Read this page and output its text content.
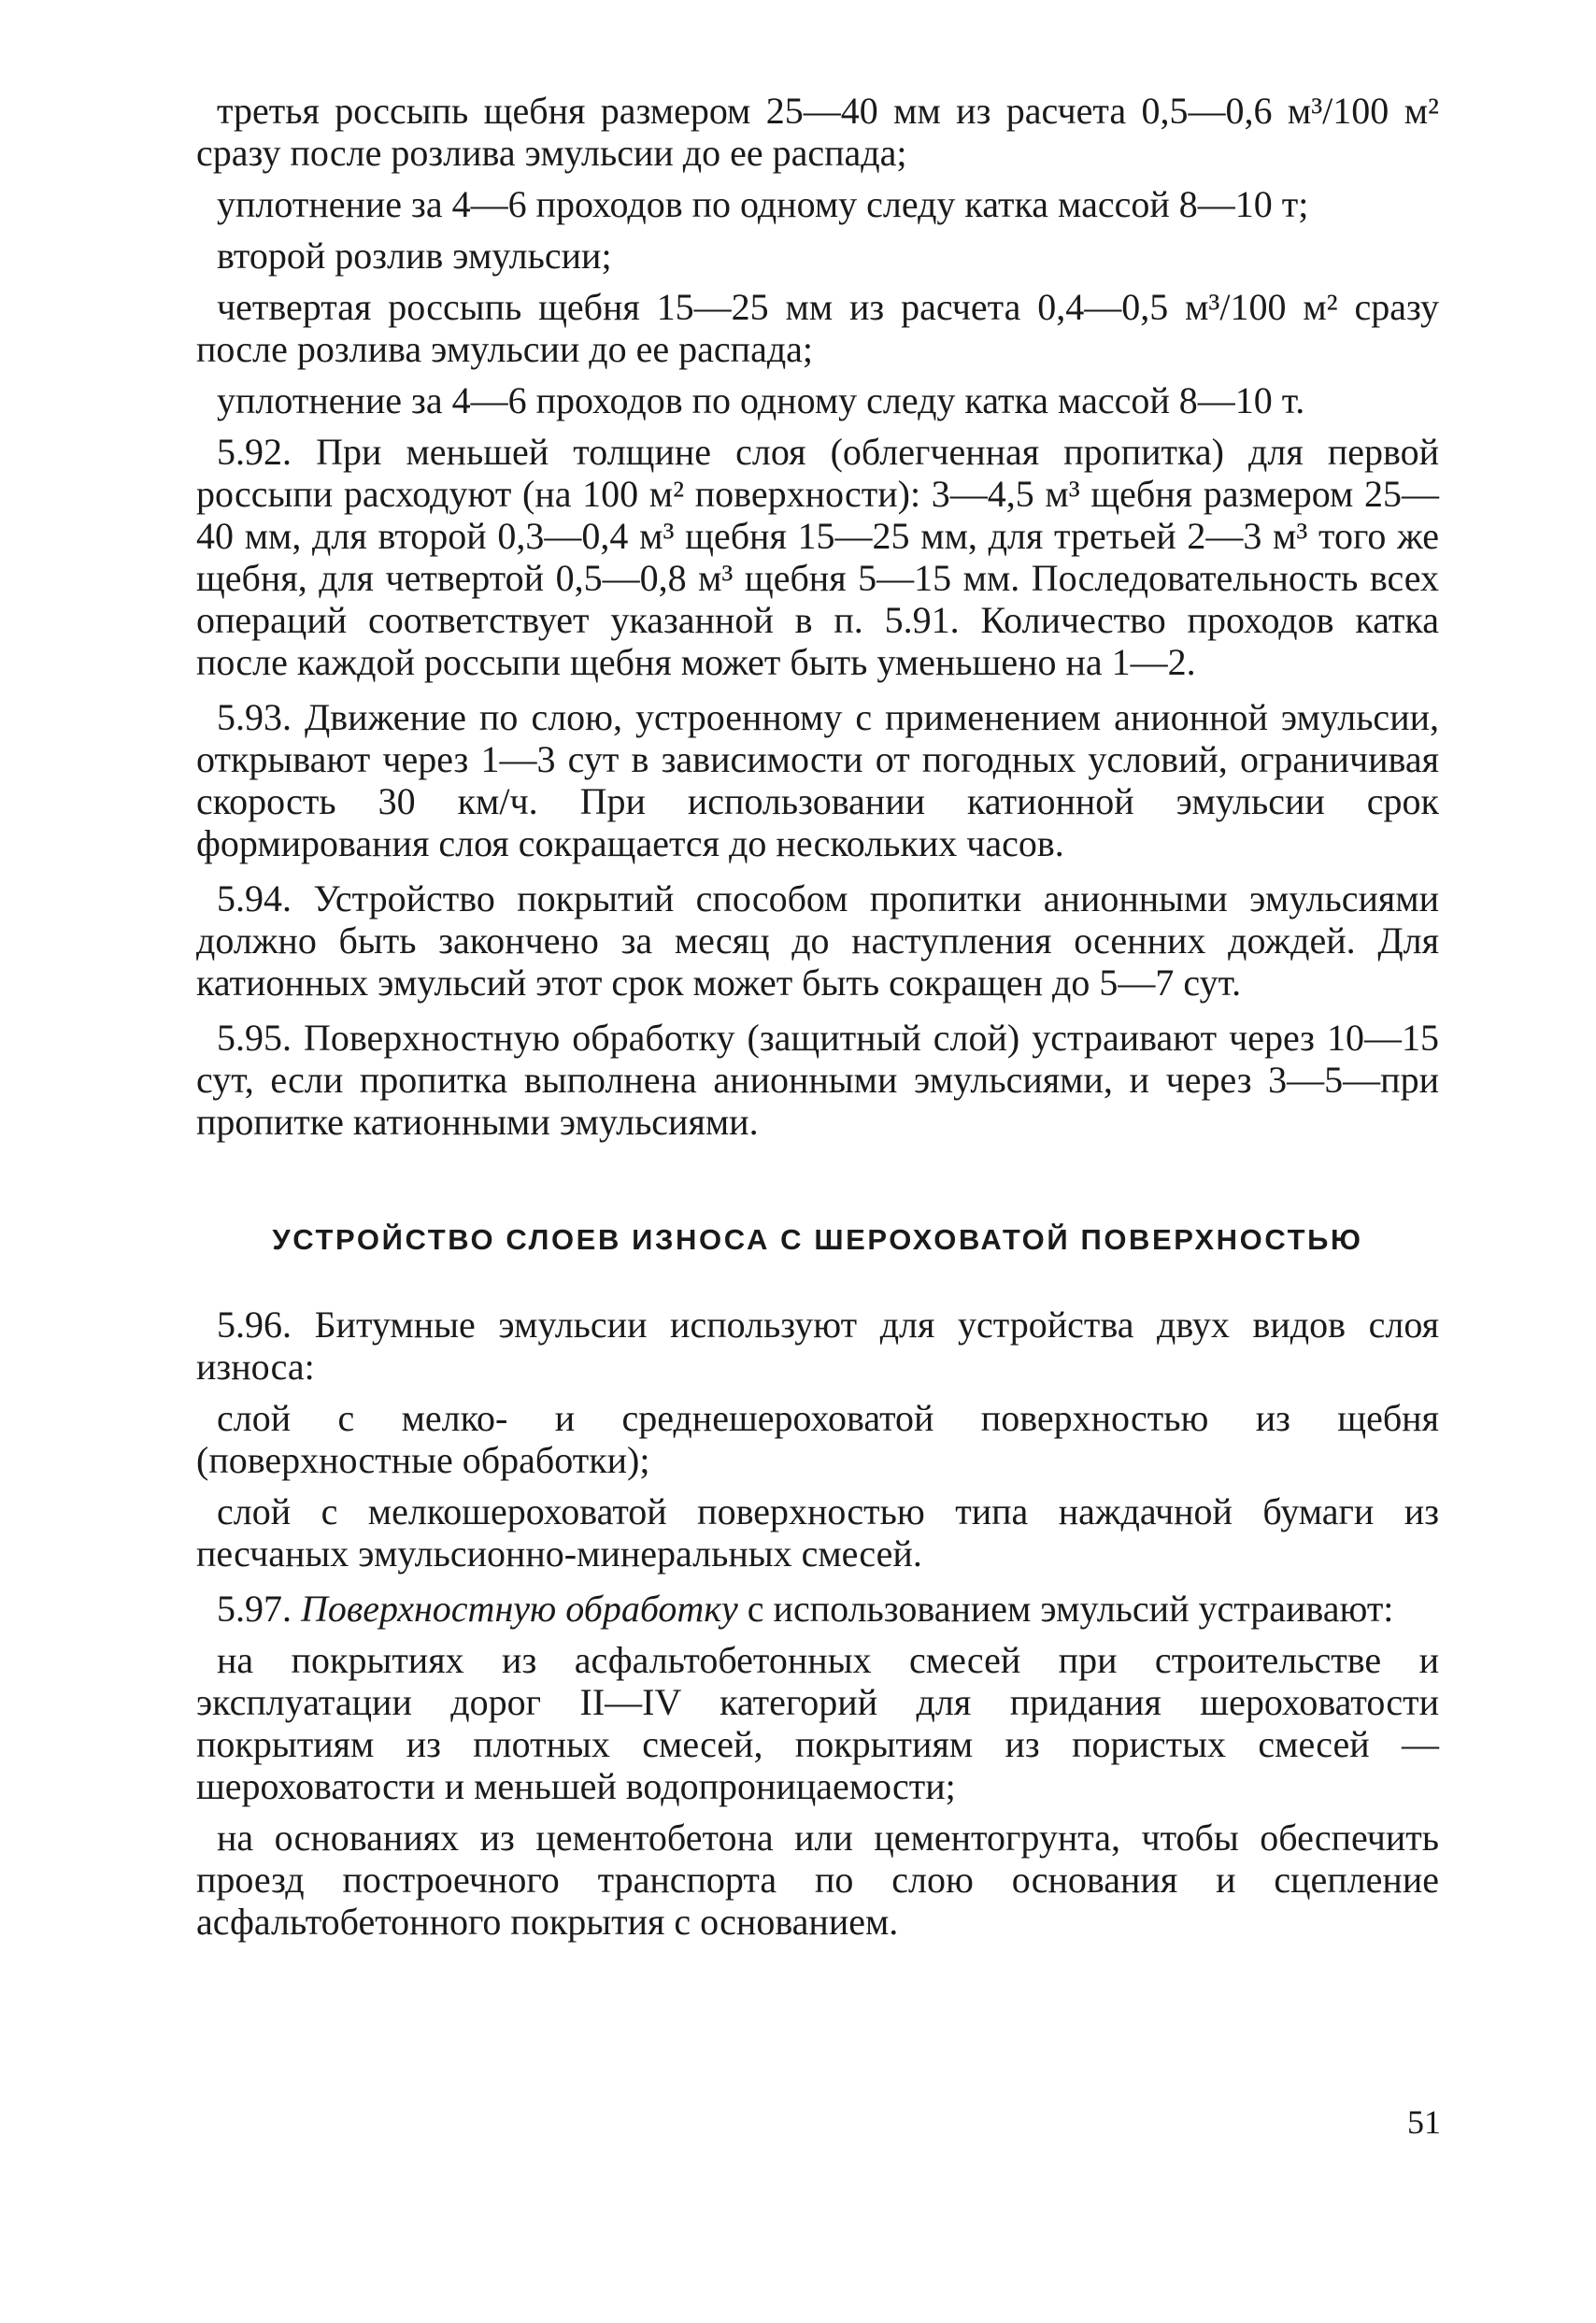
третья россыпь щебня размером 25—40 мм из расчета 0,5—0,6 м³/100 м² сразу после розлива эмульсии до ее распада;

уплотнение за 4—6 проходов по одному следу катка массой 8—10 т;

второй розлив эмульсии;

четвертая россыпь щебня 15—25 мм из расчета 0,4—0,5 м³/100 м² сразу после розлива эмульсии до ее распада;

уплотнение за 4—6 проходов по одному следу катка массой 8—10 т.

5.92. При меньшей толщине слоя (облегченная пропитка) для первой россыпи расходуют (на 100 м² поверхности): 3—4,5 м³ щебня размером 25—40 мм, для второй 0,3—0,4 м³ щебня 15—25 мм, для третьей 2—3 м³ того же щебня, для четвертой 0,5—0,8 м³ щебня 5—15 мм. Последовательность всех операций соответствует указанной в п. 5.91. Количество проходов катка после каждой россыпи щебня может быть уменьшено на 1—2.

5.93. Движение по слою, устроенному с применением анионной эмульсии, открывают через 1—3 сут в зависимости от погодных условий, ограничивая скорость 30 км/ч. При использовании катионной эмульсии срок формирования слоя сокращается до нескольких часов.

5.94. Устройство покрытий способом пропитки анионными эмульсиями должно быть закончено за месяц до наступления осенних дождей. Для катионных эмульсий этот срок может быть сокращен до 5—7 сут.

5.95. Поверхностную обработку (защитный слой) устраивают через 10—15 сут, если пропитка выполнена анионными эмульсиями, и через 3—5—при пропитке катионными эмульсиями.

УСТРОЙСТВО СЛОЕВ ИЗНОСА С ШЕРОХОВАТОЙ ПОВЕРХНОСТЬЮ

5.96. Битумные эмульсии используют для устройства двух видов слоя износа:

слой с мелко- и среднешероховатой поверхностью из щебня (поверхностные обработки);

слой с мелкошероховатой поверхностью типа наждачной бумаги из песчаных эмульсионно-минеральных смесей.

5.97. Поверхностную обработку с использованием эмульсий устраивают:

на покрытиях из асфальтобетонных смесей при строительстве и эксплуатации дорог II—IV категорий для придания шероховатости покрытиям из плотных смесей, покрытиям из пористых смесей — шероховатости и меньшей водопроницаемости;

на основаниях из цементобетона или цементогрунта, чтобы обеспечить проезд построечного транспорта по слою основания и сцепление асфальтобетонного покрытия с основанием.

51
